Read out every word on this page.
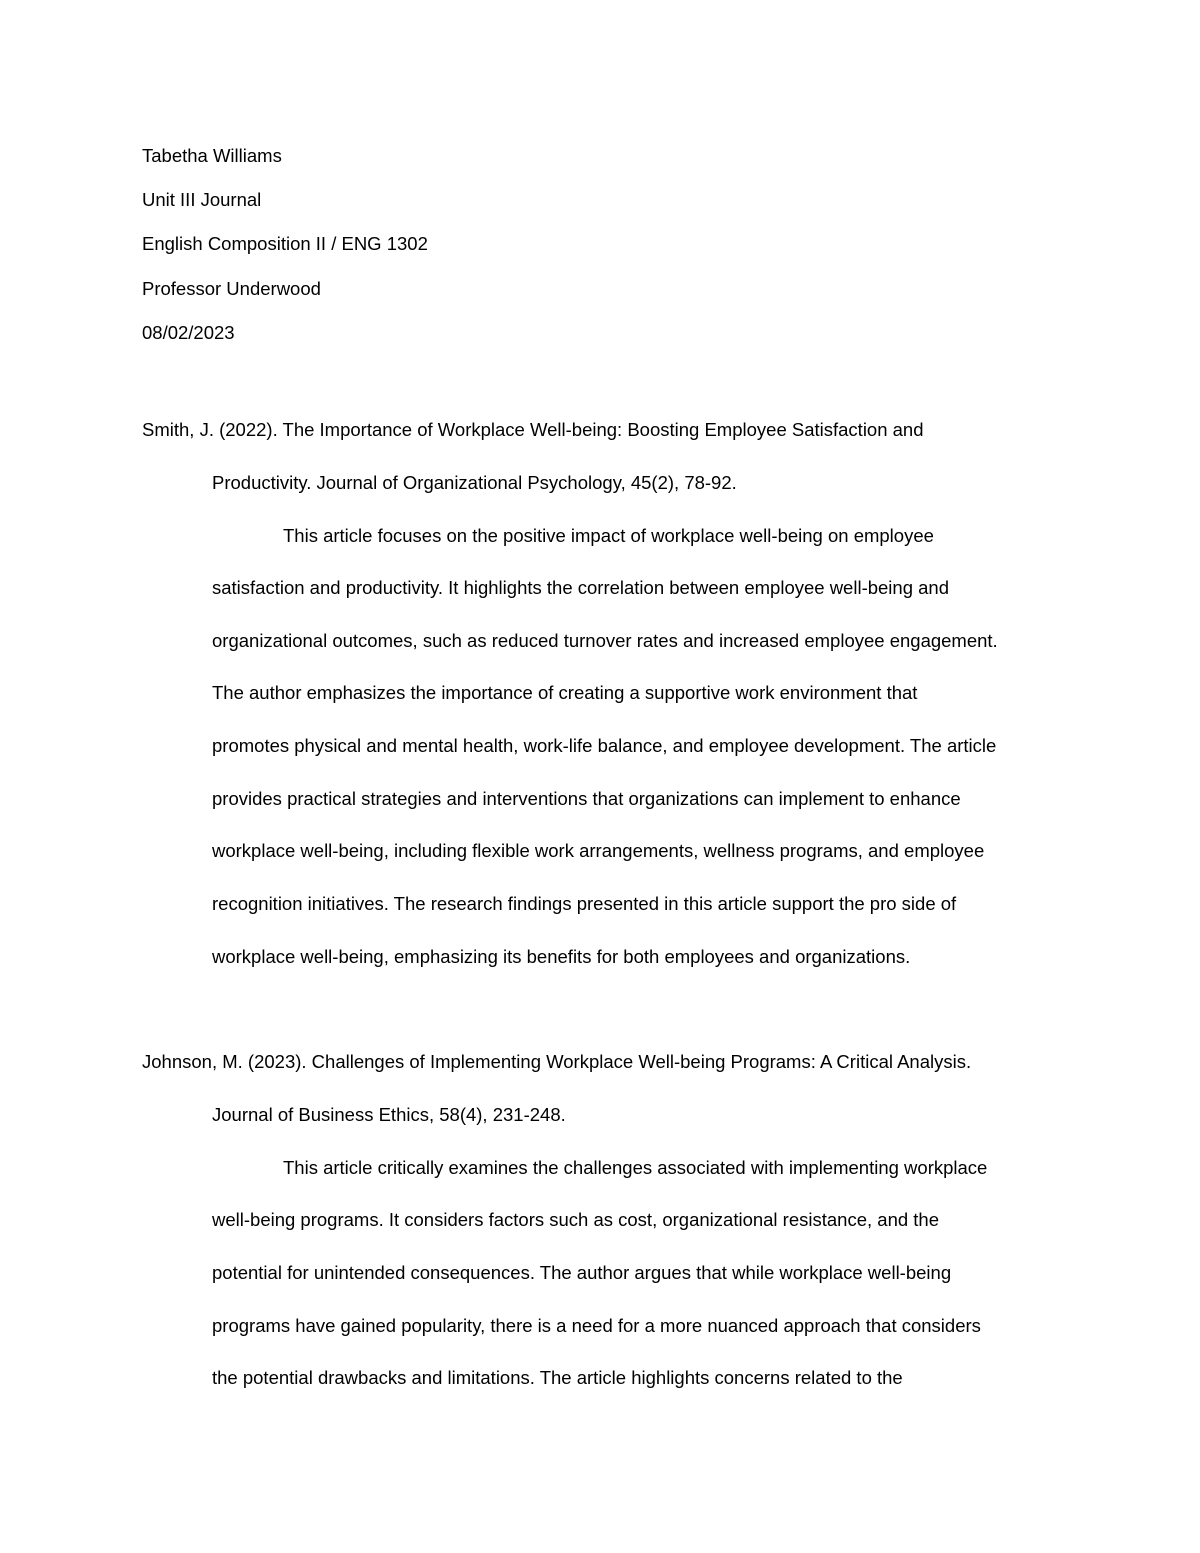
Tabetha Williams
Unit III Journal
English Composition II / ENG 1302
Professor Underwood
08/02/2023
Smith, J. (2022). The Importance of Workplace Well-being: Boosting Employee Satisfaction and
Productivity. Journal of Organizational Psychology, 45(2), 78-92.
This article focuses on the positive impact of workplace well-being on employee
satisfaction and productivity. It highlights the correlation between employee well-being and
organizational outcomes, such as reduced turnover rates and increased employee engagement.
The author emphasizes the importance of creating a supportive work environment that
promotes physical and mental health, work-life balance, and employee development. The article
provides practical strategies and interventions that organizations can implement to enhance
workplace well-being, including flexible work arrangements, wellness programs, and employee
recognition initiatives. The research findings presented in this article support the pro side of
workplace well-being, emphasizing its benefits for both employees and organizations.
Johnson, M. (2023). Challenges of Implementing Workplace Well-being Programs: A Critical Analysis.
Journal of Business Ethics, 58(4), 231-248.
This article critically examines the challenges associated with implementing workplace
well-being programs. It considers factors such as cost, organizational resistance, and the
potential for unintended consequences. The author argues that while workplace well-being
programs have gained popularity, there is a need for a more nuanced approach that considers
the potential drawbacks and limitations. The article highlights concerns related to the
